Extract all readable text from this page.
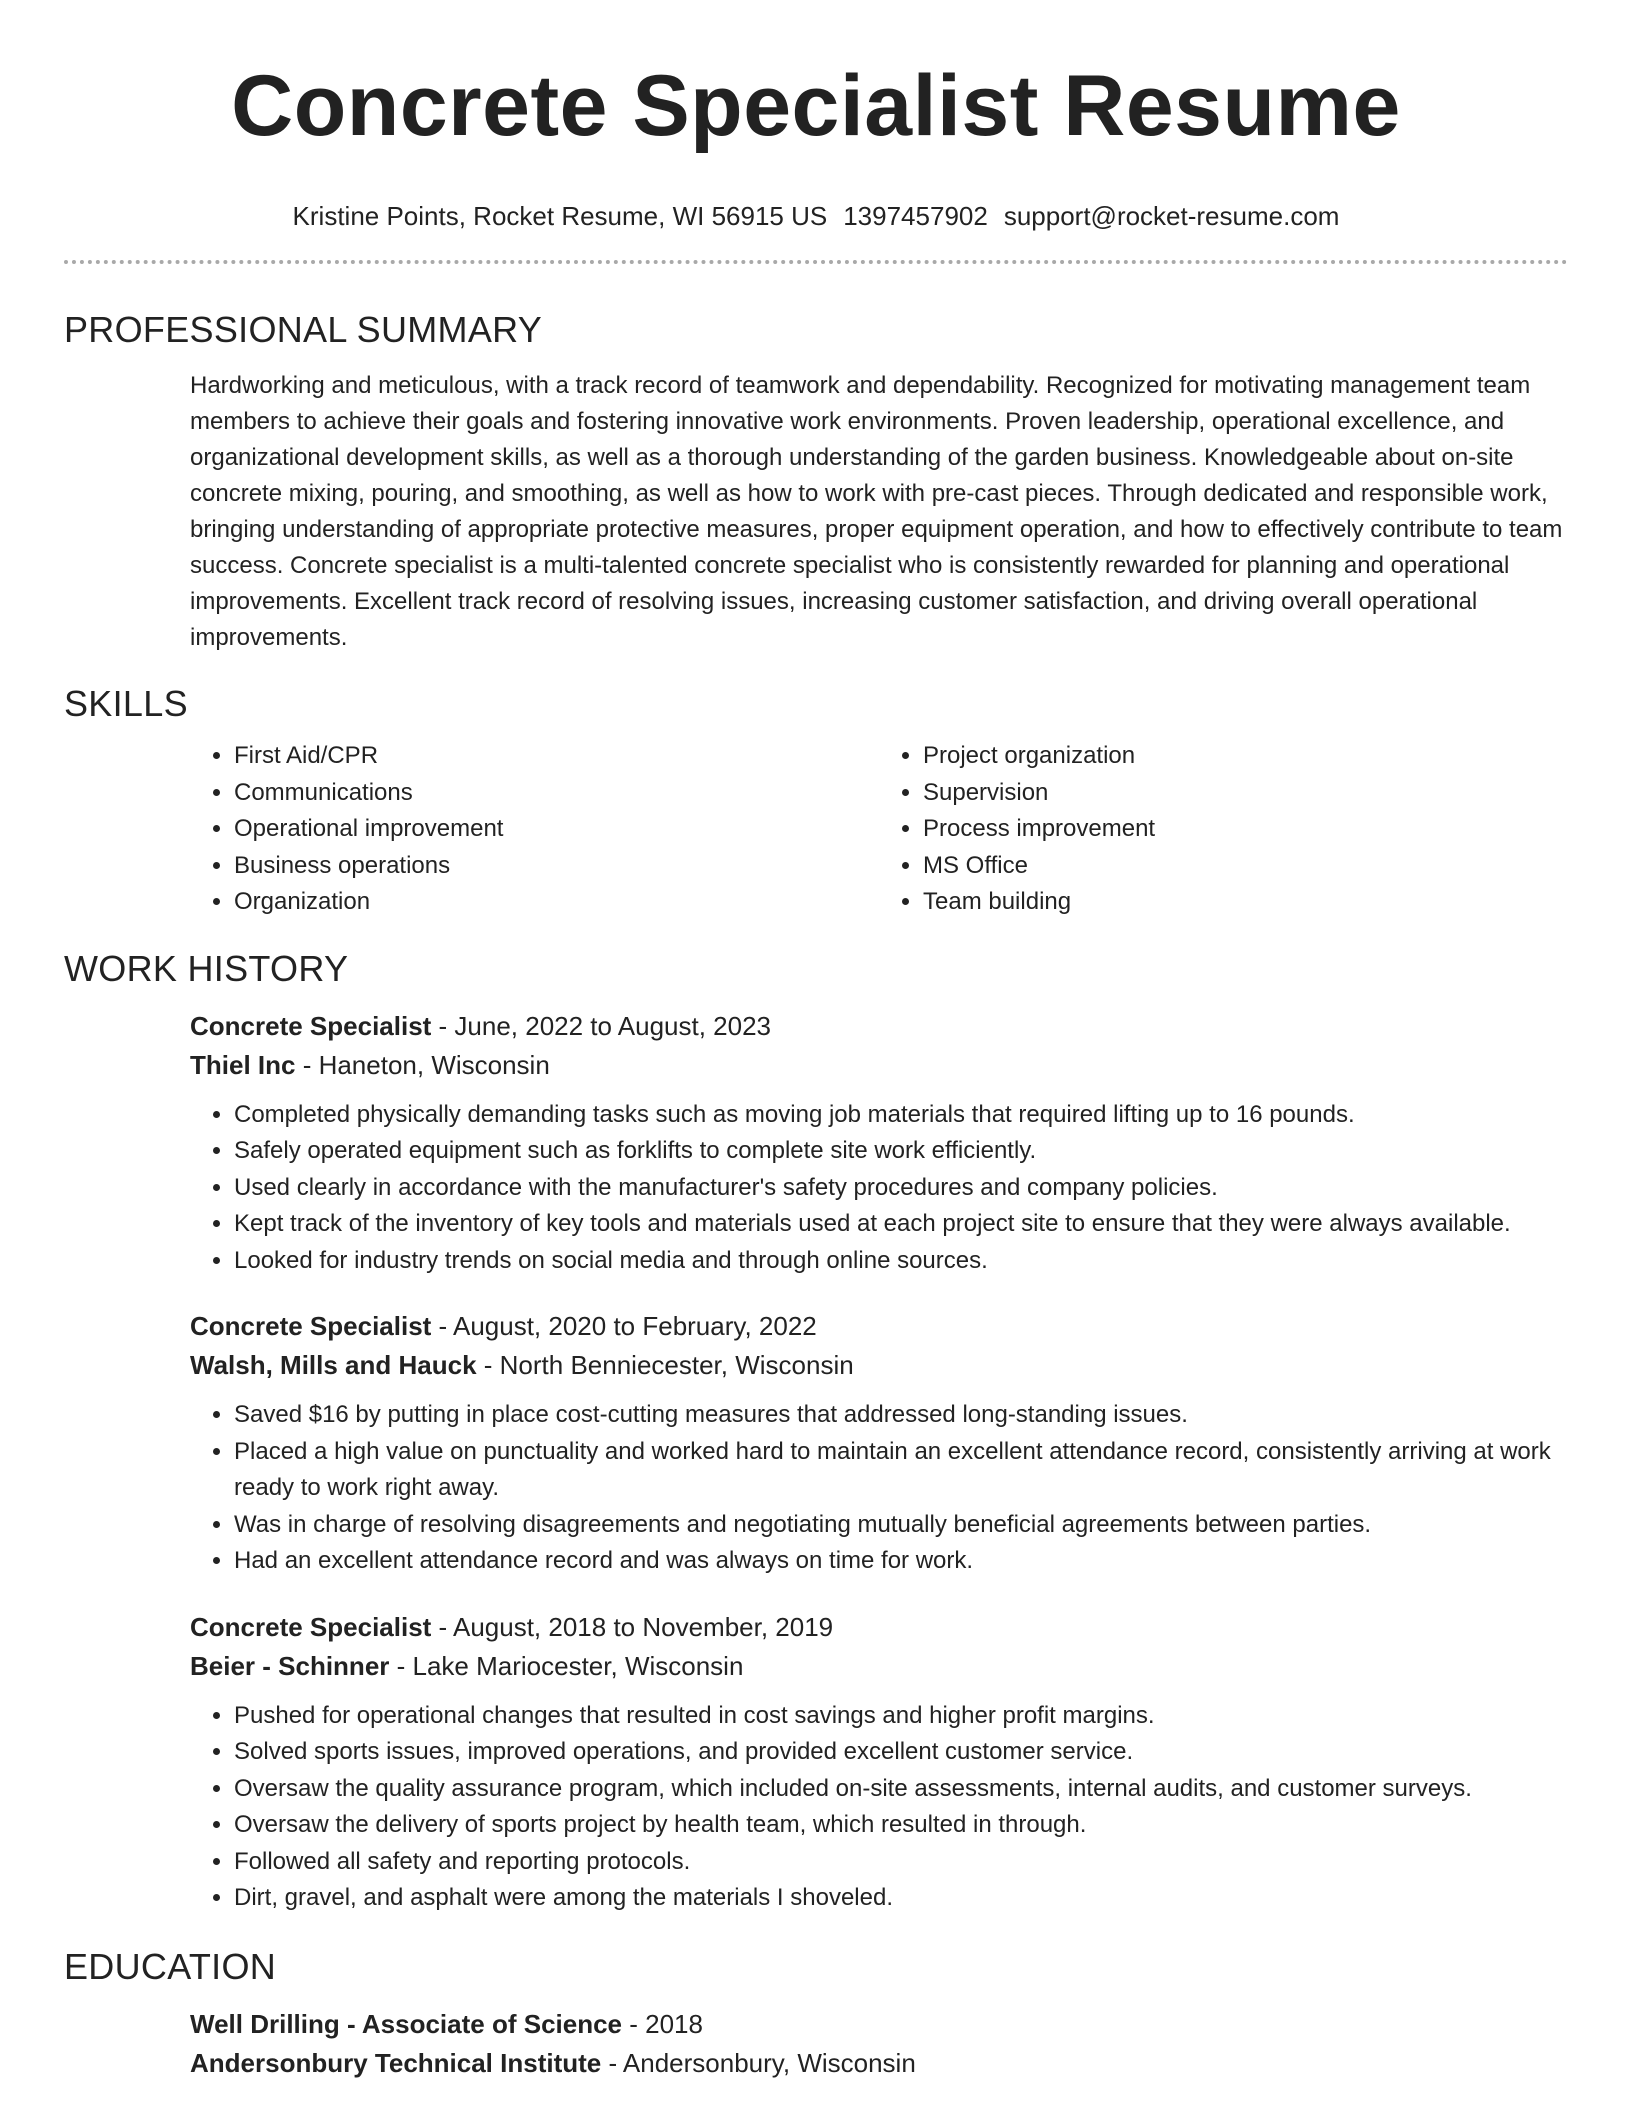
Concrete Specialist Resume
Kristine Points, Rocket Resume, WI 56915 US 1397457902 support@rocket-resume.com
PROFESSIONAL SUMMARY
Hardworking and meticulous, with a track record of teamwork and dependability. Recognized for motivating management team members to achieve their goals and fostering innovative work environments. Proven leadership, operational excellence, and organizational development skills, as well as a thorough understanding of the garden business. Knowledgeable about on-site concrete mixing, pouring, and smoothing, as well as how to work with pre-cast pieces. Through dedicated and responsible work, bringing understanding of appropriate protective measures, proper equipment operation, and how to effectively contribute to team success. Concrete specialist is a multi-talented concrete specialist who is consistently rewarded for planning and operational improvements. Excellent track record of resolving issues, increasing customer satisfaction, and driving overall operational improvements.
SKILLS
• First Aid/CPR
• Communications
• Operational improvement
• Business operations
• Organization
• Project organization
• Supervision
• Process improvement
• MS Office
• Team building
WORK HISTORY
Concrete Specialist - June, 2022 to August, 2023
Thiel Inc - Haneton, Wisconsin
• Completed physically demanding tasks such as moving job materials that required lifting up to 16 pounds.
• Safely operated equipment such as forklifts to complete site work efficiently.
• Used clearly in accordance with the manufacturer's safety procedures and company policies.
• Kept track of the inventory of key tools and materials used at each project site to ensure that they were always available.
• Looked for industry trends on social media and through online sources.
Concrete Specialist - August, 2020 to February, 2022
Walsh, Mills and Hauck - North Benniecester, Wisconsin
• Saved $16 by putting in place cost-cutting measures that addressed long-standing issues.
• Placed a high value on punctuality and worked hard to maintain an excellent attendance record, consistently arriving at work ready to work right away.
• Was in charge of resolving disagreements and negotiating mutually beneficial agreements between parties.
• Had an excellent attendance record and was always on time for work.
Concrete Specialist - August, 2018 to November, 2019
Beier - Schinner - Lake Mariocester, Wisconsin
• Pushed for operational changes that resulted in cost savings and higher profit margins.
• Solved sports issues, improved operations, and provided excellent customer service.
• Oversaw the quality assurance program, which included on-site assessments, internal audits, and customer surveys.
• Oversaw the delivery of sports project by health team, which resulted in through.
• Followed all safety and reporting protocols.
• Dirt, gravel, and asphalt were among the materials I shoveled.
EDUCATION
Well Drilling - Associate of Science - 2018
Andersonbury Technical Institute - Andersonbury, Wisconsin
